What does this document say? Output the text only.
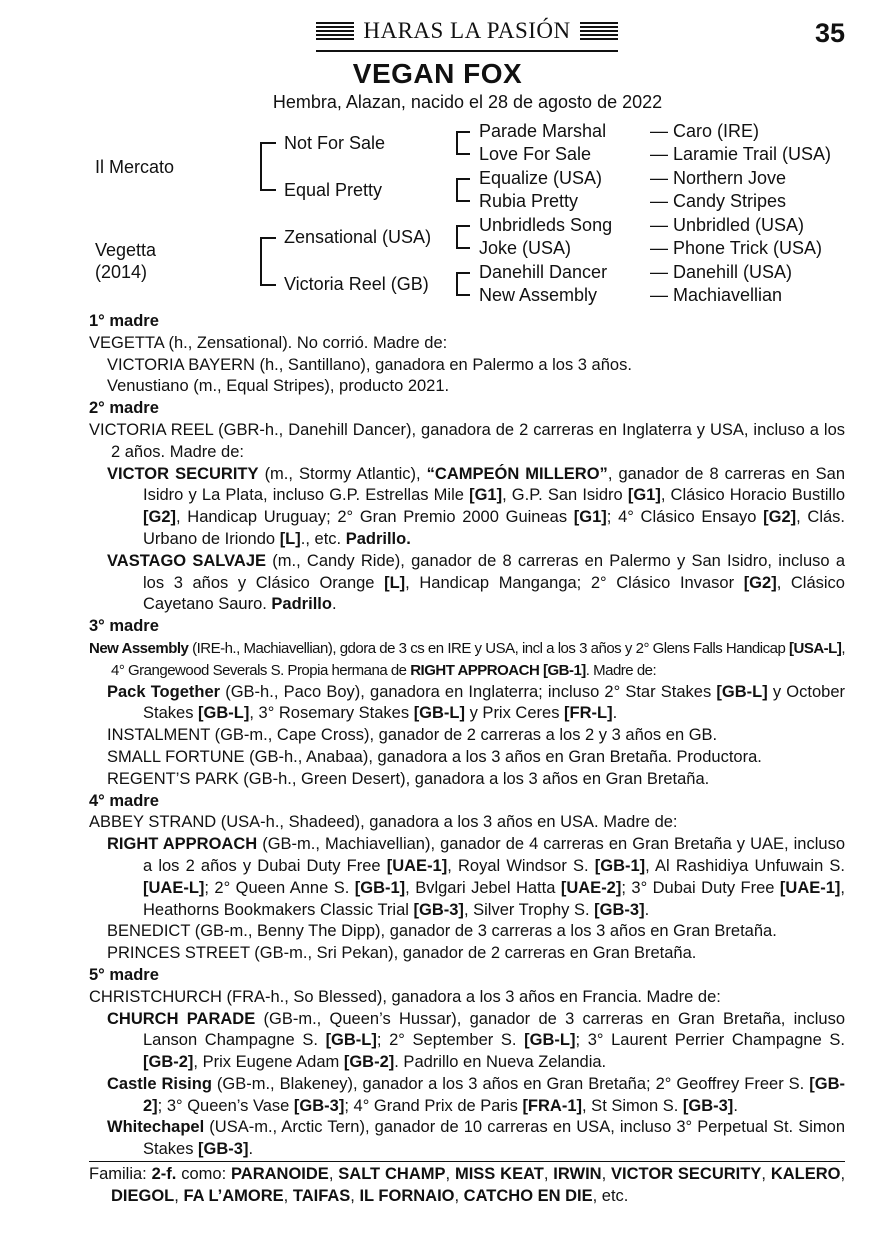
HARAS LA PASIÓN	35
VEGAN FOX
Hembra, Alazan, nacido el 28 de agosto de 2022
Il Mercato
Vegetta
(2014)
Not For Sale
Equal Pretty
Zensational (USA)
Victoria Reel (GB)
Parade Marshal
Love For Sale
Equalize (USA)
Rubia Pretty
Unbridleds Song
Joke (USA)
Danehill Dancer
New Assembly
— Caro (IRE)
— Laramie Trail (USA)
— Northern Jove
— Candy Stripes
— Unbridled (USA)
— Phone Trick (USA)
— Danehill (USA)
— Machiavellian

1° madre

VEGETTA (h., Zensational). No corrió. Madre de:

VICTORIA BAYERN (h., Santillano), ganadora en Palermo a los 3 años.

Venustiano (m., Equal Stripes), producto 2021.

2° madre

VICTORIA REEL (GBR-h., Danehill Dancer), ganadora de 2 carreras en Inglaterra y USA, incluso a los 2 años. Madre de:

VICTOR SECURITY (m., Stormy Atlantic), “CAMPEÓN MILLERO”, ganador de 8 carreras en San Isidro y La Plata, incluso G.P. Estrellas Mile [G1], G.P. San Isidro [G1], Clásico Horacio Bustillo [G2], Handicap Uruguay; 2° Gran Premio 2000 Guineas [G1]; 4° Clásico Ensayo [G2], Clás. Urbano de Iriondo [L]., etc. Padrillo.

VASTAGO SALVAJE (m., Candy Ride), ganador de 8 carreras en Palermo y San Isidro, incluso a los 3 años y Clásico Orange [L], Handicap Manganga; 2° Clásico Invasor [G2], Clásico Cayetano Sauro. Padrillo.

3° madre

New Assembly (IRE-h., Machiavellian), gdora de 3 cs en IRE y USA, incl a los 3 años y 2° Glens Falls Handicap [USA-L], 4° Grangewood Severals S. Propia hermana de RIGHT APPROACH [GB-1]. Madre de:

Pack Together (GB-h., Paco Boy), ganadora en Inglaterra; incluso 2° Star Stakes [GB-L] y October Stakes [GB-L], 3° Rosemary Stakes [GB-L] y Prix Ceres [FR-L].

INSTALMENT (GB-m., Cape Cross), ganador de 2 carreras a los 2 y 3 años en GB.

SMALL FORTUNE (GB-h., Anabaa), ganadora a los 3 años en Gran Bretaña. Productora.

REGENT’S PARK (GB-h., Green Desert), ganadora a los 3 años en Gran Bretaña.

4° madre

ABBEY STRAND (USA-h., Shadeed), ganadora a los 3 años en USA. Madre de:

RIGHT APPROACH (GB-m., Machiavellian), ganador de 4 carreras en Gran Bretaña y UAE, incluso a los 2 años y Dubai Duty Free [UAE-1], Royal Windsor S. [GB-1], Al Rashidiya Unfuwain S. [UAE-L]; 2° Queen Anne S. [GB-1], Bvlgari Jebel Hatta [UAE-2]; 3° Dubai Duty Free [UAE-1], Heathorns Bookmakers Classic Trial [GB-3], Silver Trophy S. [GB-3].

BENEDICT (GB-m., Benny The Dipp), ganador de 3 carreras a los 3 años en Gran Bretaña.

PRINCES STREET (GB-m., Sri Pekan), ganador de 2 carreras en Gran Bretaña.

5° madre

CHRISTCHURCH (FRA-h., So Blessed), ganadora a los 3 años en Francia. Madre de:

CHURCH PARADE (GB-m., Queen’s Hussar), ganador de 3 carreras en Gran Bretaña, incluso Lanson Champagne S. [GB-L]; 2° September S. [GB-L]; 3° Laurent Perrier Champagne S. [GB-2], Prix Eugene Adam [GB-2]. Padrillo en Nueva Zelandia.

Castle Rising (GB-m., Blakeney), ganador a los 3 años en Gran Bretaña; 2° Geoffrey Freer S. [GB-2]; 3° Queen’s Vase [GB-3]; 4° Grand Prix de Paris [FRA-1], St Simon S. [GB-3].

Whitechapel (USA-m., Arctic Tern), ganador de 10 carreras en USA, incluso 3° Perpetual St. Simon Stakes [GB-3].

Familia: 2-f. como: PARANOIDE, SALT CHAMP, MISS KEAT, IRWIN, VICTOR SECURITY, KALERO, DIEGOL, FA L’AMORE, TAIFAS, IL FORNAIO, CATCHO EN DIE, etc.
